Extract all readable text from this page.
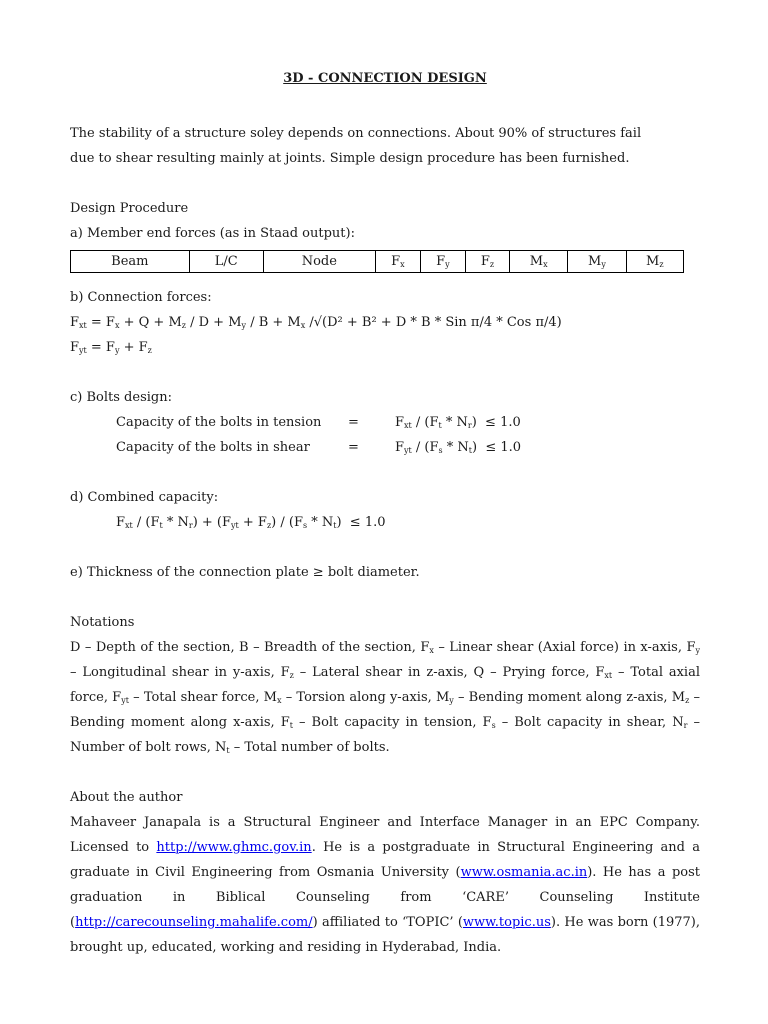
3D - CONNECTION DESIGN

The stability of a structure soley depends on connections. About 90% of structures fail

due to shear resulting mainly at joints. Simple design procedure has been furnished.

Design Procedure

a) Member end forces (as in Staad output):

Beam	L/C	Node	$F_x$	$F_y$	$F_z$	$M_x$	$M_y$	$M_z$

b) Connection forces:

$F_{xt} = F_x + Q + M_z / D + M_y / B + M_x$ /√(D² + B² + D * B * Sin π/4 * Cos π/4)

$F_{yt} = F_y + F_z$

c) Bolts design:

Capacity of the bolts in tension	=	$F_{xt} / (F_t * N_r) \le 1.0$
Capacity of the bolts in shear	=	$F_{yt} / (F_s * N_t) \le 1.0$

d) Combined capacity:

$F_{xt} / (F_t * N_r) + (F_{yt} + F_z) / (F_s * N_t) \le 1.0$

e) Thickness of the connection plate ≥ bolt diameter.

Notations

D – Depth of the section, B – Breadth of the section, $F_x$ – Linear shear (Axial force) in x-axis, $F_y$ – Longitudinal shear in y-axis, $F_z$ – Lateral shear in z-axis, Q – Prying force, $F_{xt}$ – Total axial force, $F_{yt}$ – Total shear force, $M_x$ – Torsion along y-axis, $M_y$ – Bending moment along z-axis, $M_z$ – Bending moment along x-axis, $F_t$ – Bolt capacity in tension, $F_s$ – Bolt capacity in shear, $N_r$ – Number of bolt rows, $N_t$ – Total number of bolts.

About the author

Mahaveer Janapala is a Structural Engineer and Interface Manager in an EPC Company. Licensed to http://www.ghmc.gov.in. He is a postgraduate in Structural Engineering and a graduate in Civil Engineering from Osmania University (www.osmania.ac.in). He has a post graduation in Biblical Counseling from ‘CARE’ Counseling Institute (http://carecounseling.mahalife.com/) affiliated to ‘TOPIC’ (www.topic.us). He was born (1977), brought up, educated, working and residing in Hyderabad, India.
